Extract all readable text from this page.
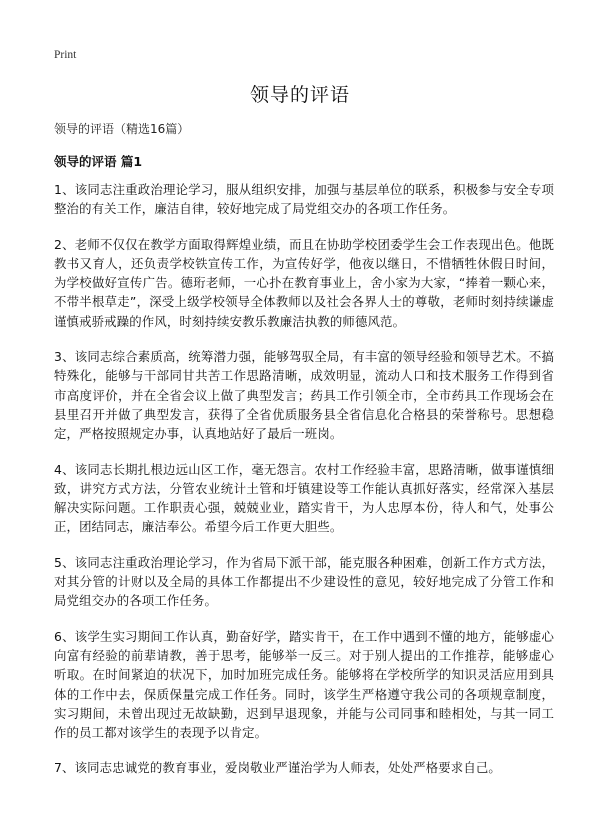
Print
领导的评语

领导的评语（精选16篇）

领导的评语 篇1

1、该同志注重政治理论学习，服从组织安排，加强与基层单位的联系，积极参与安全专项整治的有关工作，廉洁自律，较好地完成了局党组交办的各项工作任务。

2、老师不仅仅在教学方面取得辉煌业绩，而且在协助学校团委学生会工作表现出色。他既教书又育人，还负责学校铁宣传工作，为宣传好学，他夜以继日，不惜牺牲休假日时间，为学校做好宣传广告。德珩老师，一心扑在教育事业上，舍小家为大家，“捧着一颗心来，不带半根草走”，深受上级学校领导全体教师以及社会各界人士的尊敬，老师时刻持续谦虚谨慎戒骄戒躁的作风，时刻持续安教乐教廉洁执教的师德风范。

3、该同志综合素质高，统筹潜力强，能够驾驭全局，有丰富的领导经验和领导艺术。不搞特殊化，能够与干部同甘共苦工作思路清晰，成效明显，流动人口和技术服务工作得到省市高度评价，并在全省会议上做了典型发言；药具工作引领全市，全市药具工作现场会在县里召开并做了典型发言，获得了全省优质服务县全省信息化合格县的荣誉称号。思想稳定，严格按照规定办事，认真地站好了最后一班岗。

4、该同志长期扎根边远山区工作，毫无怨言。农村工作经验丰富，思路清晰，做事谨慎细致，讲究方式方法，分管农业统计土管和圩镇建设等工作能认真抓好落实，经常深入基层解决实际问题。工作职责心强，兢兢业业，踏实肯干，为人忠厚本份，待人和气，处事公正，团结同志，廉洁奉公。希望今后工作更大胆些。

5、该同志注重政治理论学习，作为省局下派干部，能克服各种困难，创新工作方式方法，对其分管的计财以及全局的具体工作都提出不少建设性的意见，较好地完成了分管工作和局党组交办的各项工作任务。

6、该学生实习期间工作认真，勤奋好学，踏实肯干，在工作中遇到不懂的地方，能够虚心向富有经验的前辈请教，善于思考，能够举一反三。对于别人提出的工作推荐，能够虚心听取。在时间紧迫的状况下，加时加班完成任务。能够将在学校所学的知识灵活应用到具体的工作中去，保质保量完成工作任务。同时，该学生严格遵守我公司的各项规章制度，实习期间，未曾出现过无故缺勤，迟到早退现象，并能与公司同事和睦相处，与其一同工作的员工都对该学生的表现予以肯定。

7、该同志忠诚党的教育事业，爱岗敬业严谨治学为人师表，处处严格要求自己。
